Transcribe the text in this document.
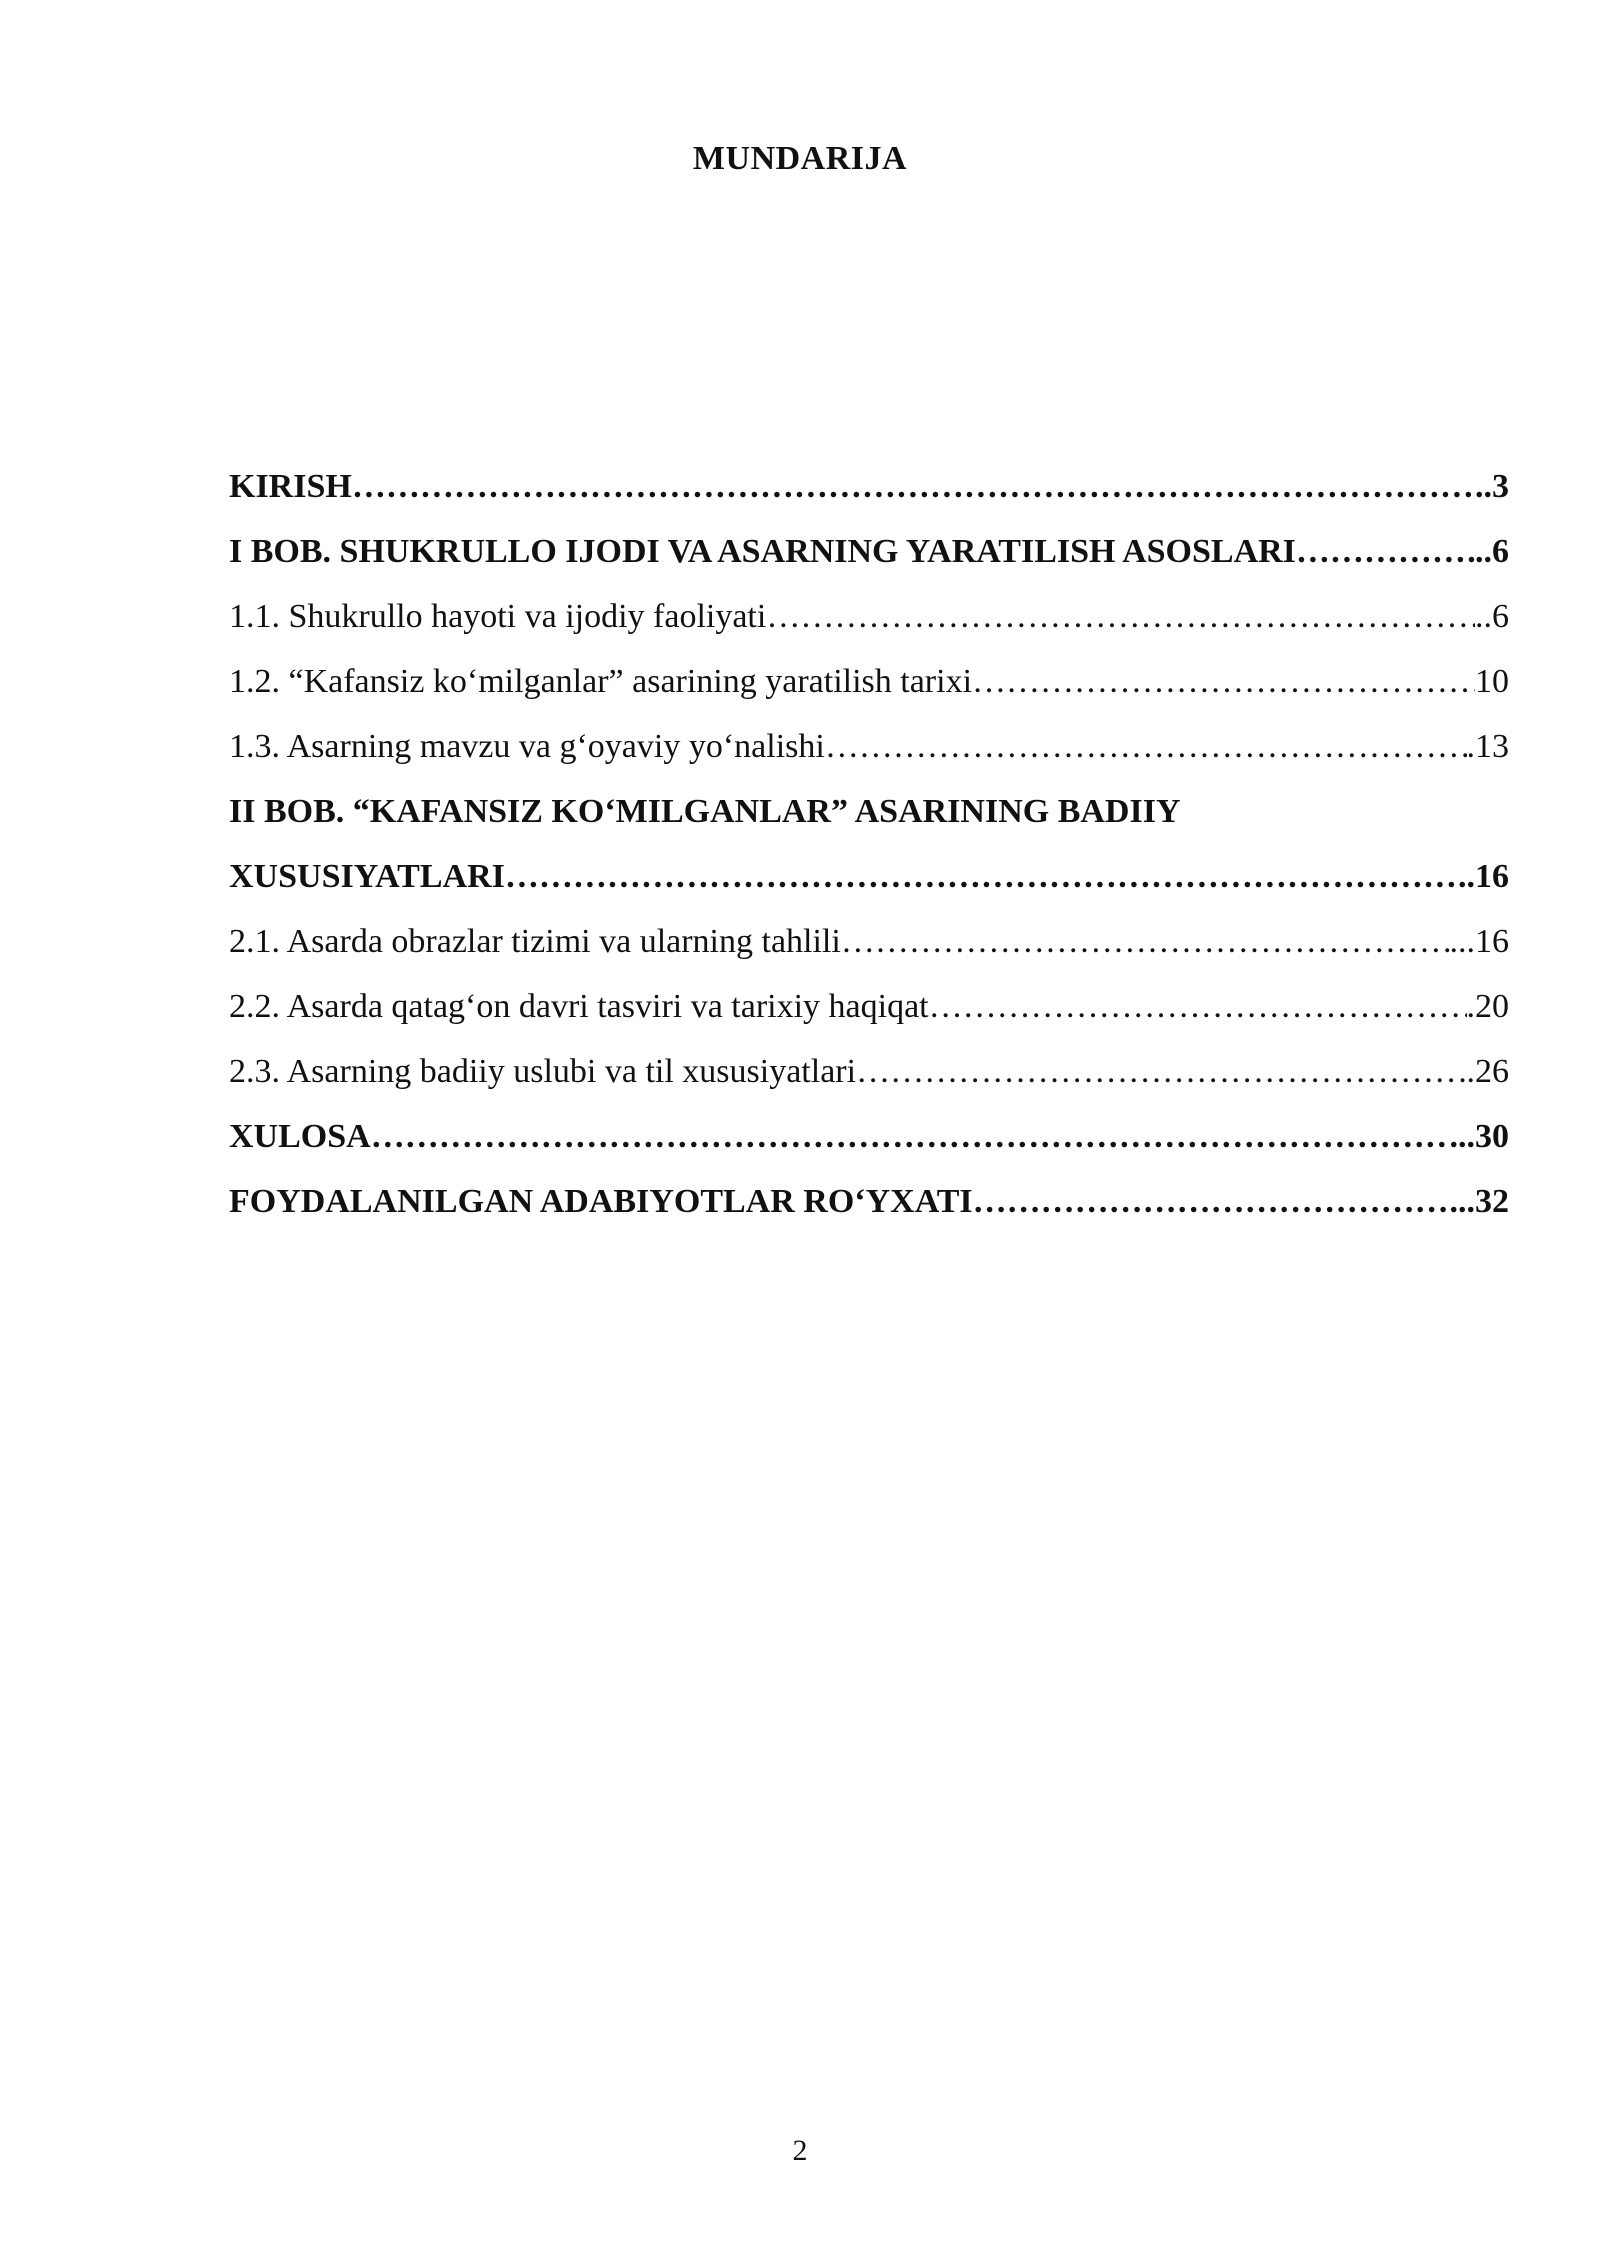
MUNDARIJA
KIRISH ……………………………………………………………………………………………………………………………………………………………………………………………	..3
I BOB. SHUKRULLO IJODI VA ASARNING YARATILISH ASOSLARI ……………………………………………………………………………………………………………………………………………………………………………………………	..6
1.1. Shukrullo hayoti va ijodiy faoliyati ……………………………………………………………………………………………………………………………………………………………………………………………	..6
1.2. “Kafansiz ko‘milganlar” asarining yaratilish tarixi ……………………………………………………………………………………………………………………………………………………………………………………………	10
1.3. Asarning mavzu va g‘oyaviy yo‘nalishi ……………………………………………………………………………………………………………………………………………………………………………………………	.13
II BOB. “KAFANSIZ KO‘MILGANLAR” ASARINING BADIIY
XUSUSIYATLARI ……………………………………………………………………………………………………………………………………………………………………………………………	..16
2.1. Asarda obrazlar tizimi va ularning tahlili ……………………………………………………………………………………………………………………………………………………………………………………………	...16
2.2. Asarda qatag‘on davri tasviri va tarixiy haqiqat ……………………………………………………………………………………………………………………………………………………………………………………………	.20
2.3. Asarning badiiy uslubi va til xususiyatlari ……………………………………………………………………………………………………………………………………………………………………………………………	.26
XULOSA ……………………………………………………………………………………………………………………………………………………………………………………………	...30
FOYDALANILGAN ADABIYOTLAR RO‘YXATI ……………………………………………………………………………………………………………………………………………………………………………………………	...32
2
